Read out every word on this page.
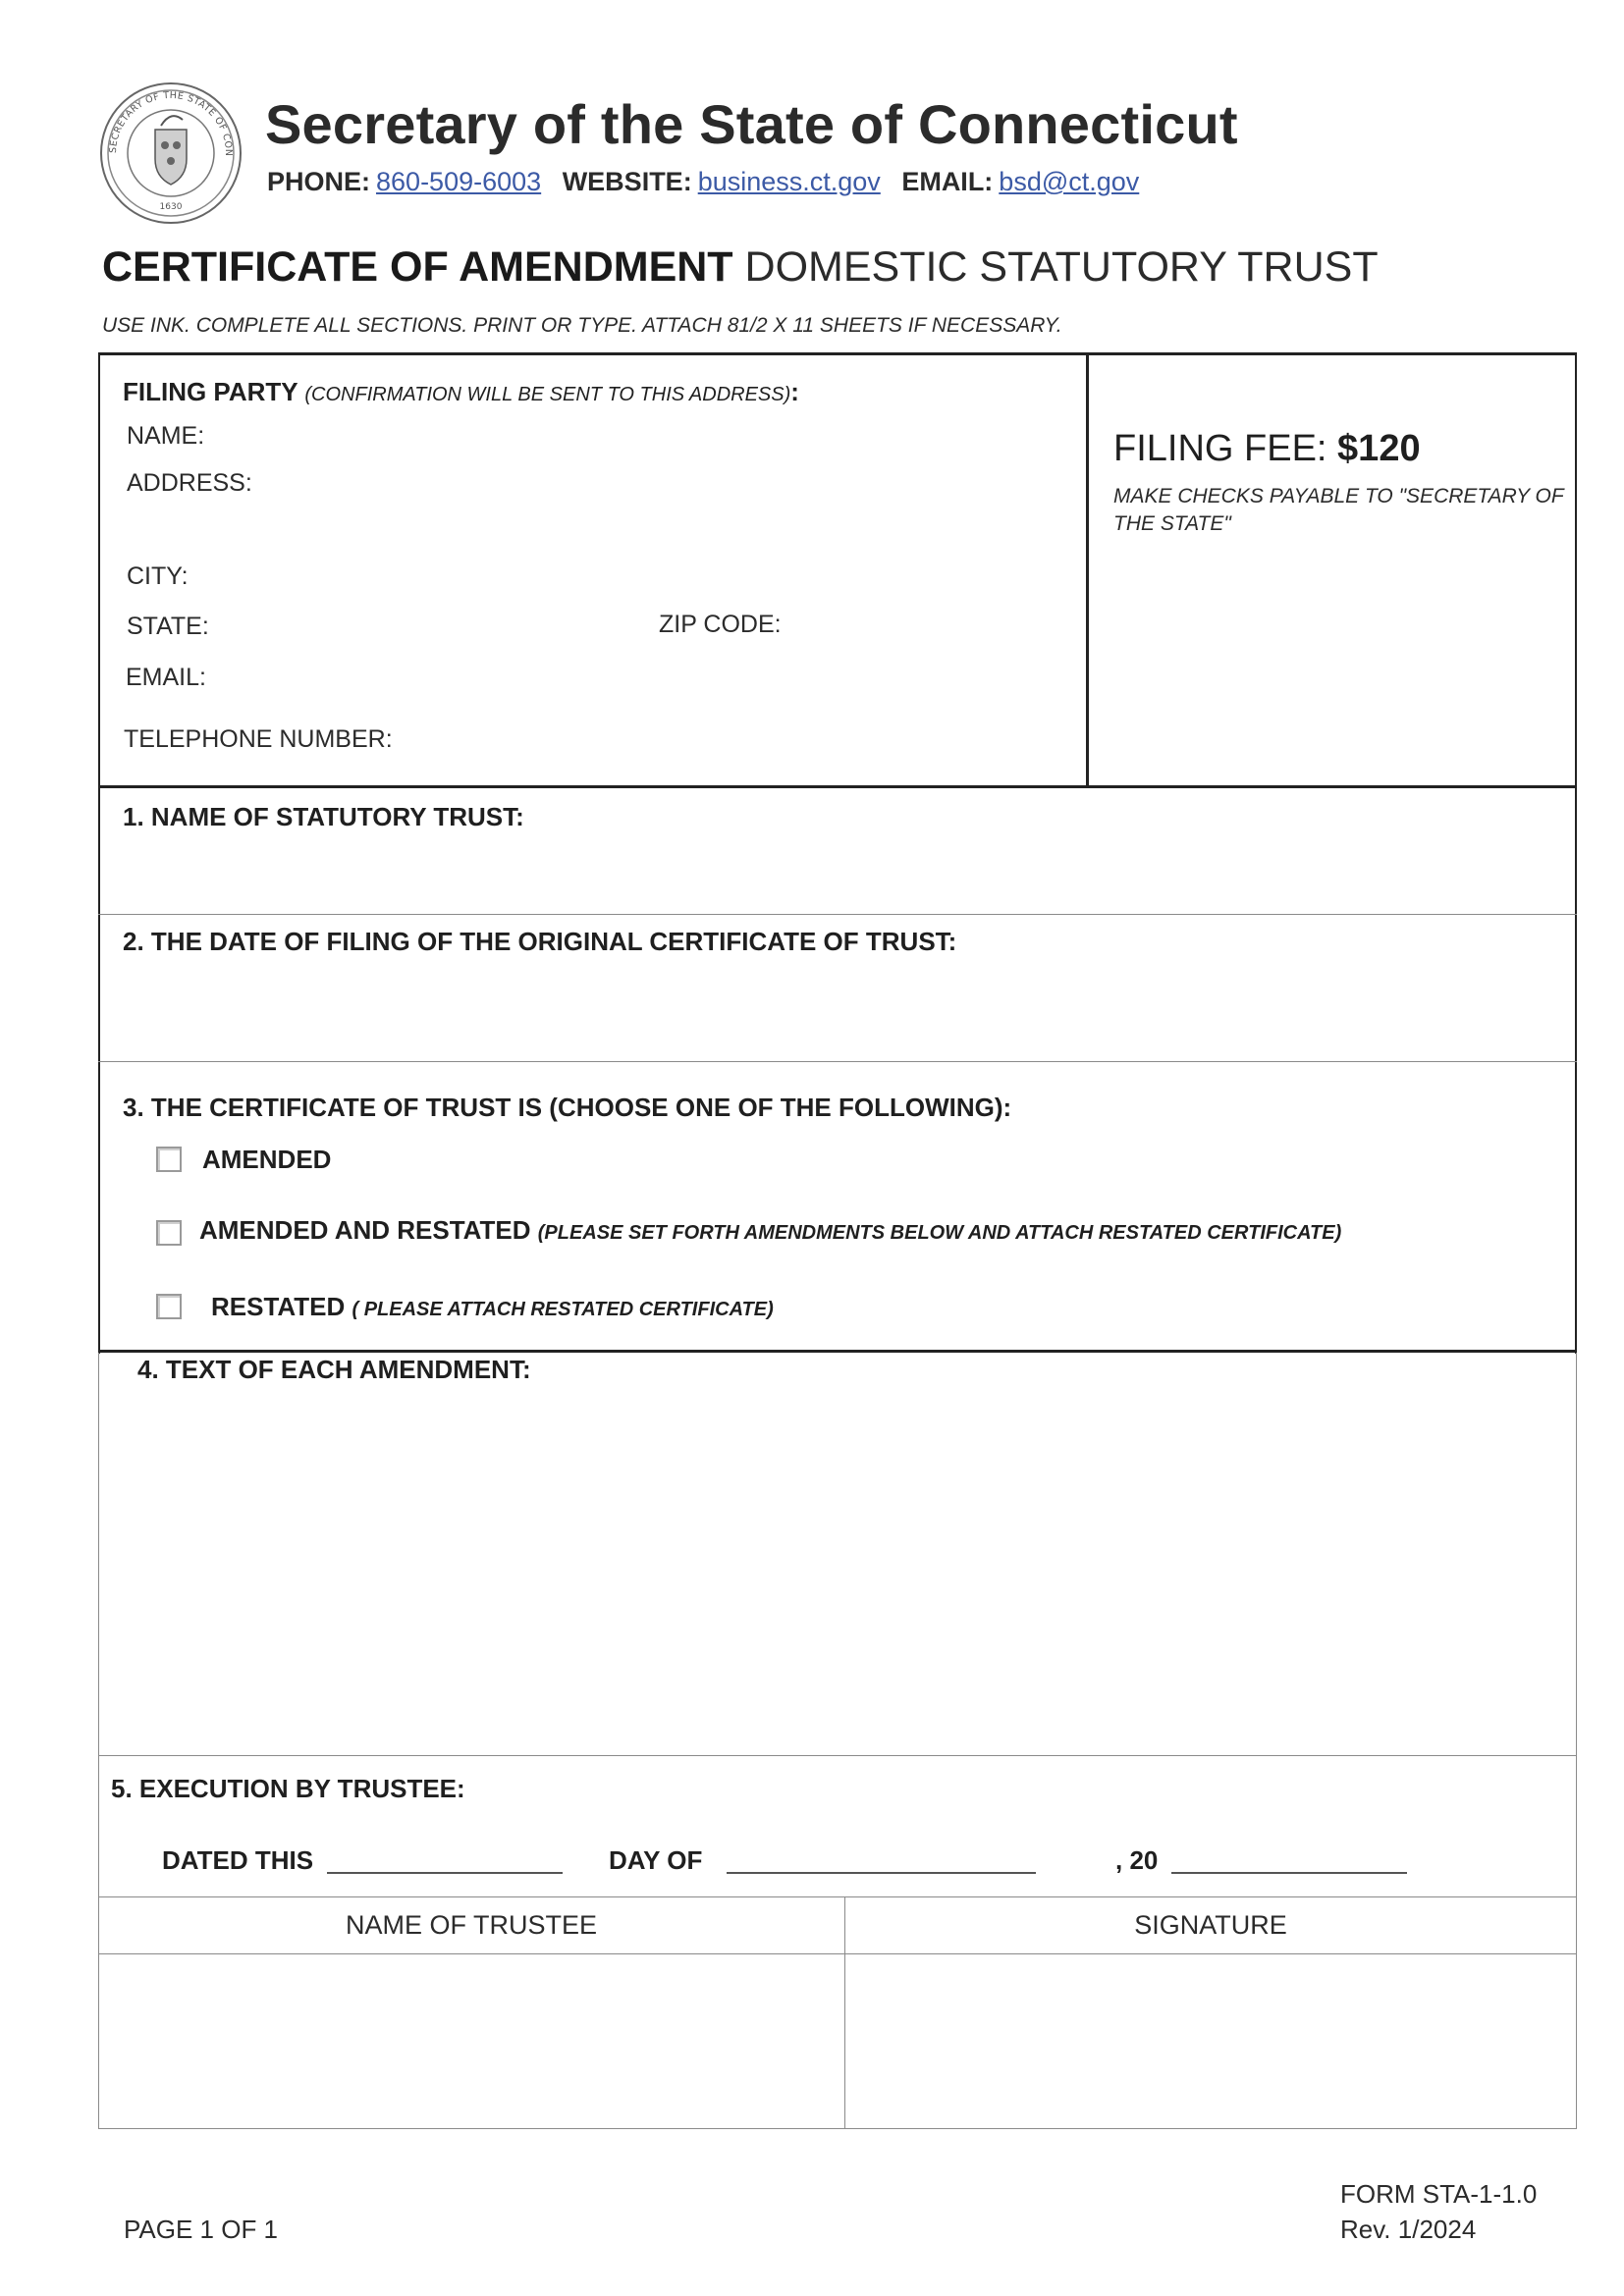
SECRETARY OF THE STATE OF CON
1630
Secretary of the State of Connecticut
PHONE: 860-509-6003 WEBSITE: business.ct.gov EMAIL: bsd@ct.gov
CERTIFICATE OF AMENDMENT DOMESTIC STATUTORY TRUST
USE INK. COMPLETE ALL SECTIONS. PRINT OR TYPE. ATTACH 81/2 X 11 SHEETS IF NECESSARY.
FILING PARTY (CONFIRMATION WILL BE SENT TO THIS ADDRESS):
NAME:
ADDRESS:
CITY:
STATE:	ZIP CODE:
EMAIL:
TELEPHONE NUMBER:
FILING FEE: $120
MAKE CHECKS PAYABLE TO "SECRETARY OF THE STATE"
1. NAME OF STATUTORY TRUST:
2. THE DATE OF FILING OF THE ORIGINAL CERTIFICATE OF TRUST:
3. THE CERTIFICATE OF TRUST IS (CHOOSE ONE OF THE FOLLOWING):
AMENDED
AMENDED AND RESTATED (PLEASE SET FORTH AMENDMENTS BELOW AND ATTACH RESTATED CERTIFICATE)
RESTATED ( PLEASE ATTACH RESTATED CERTIFICATE)
4. TEXT OF EACH AMENDMENT:
5. EXECUTION BY TRUSTEE:
DATED THIS	DAY OF	, 20
NAME OF TRUSTEE	SIGNATURE
PAGE 1 OF 1
FORM STA-1-1.0
Rev. 1/2024
